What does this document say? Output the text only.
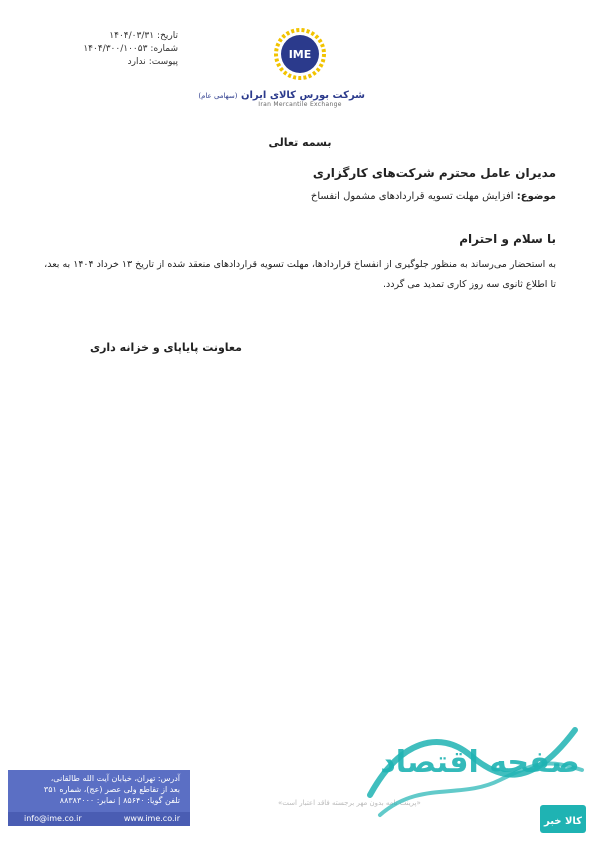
تاریخ:
۱۴۰۴/۰۳/۳۱
شماره:
۱۴۰۴/۳۰۰/۱۰۰۵۳
پیوست:
ندارد
IME
شرکت بورس کالای ایران (سهامی عام)
Iran Mercantile Exchange
بسمه تعالی
مدیران عامل محترم شرکت‌های کارگزاری
موضوع: افزایش مهلت تسویه قراردادهای مشمول انفساخ
با سلام و احترام
به استحضار می‌رساند به منظور جلوگیری از انفساخ قراردادها، مهلت تسویه قراردادهای منعقد شده از تاریخ ۱۳ خرداد ۱۴۰۴ به بعد،
تا اطلاع ثانوی سه روز کاری تمدید می گردد.
معاونت پایاپای و خزانه داری
«پرینت نامه بدون مهر برجسته فاقد اعتبار است»
آدرس: تهران، خیابان آیت الله طالقانی،
بعد از تقاطع ولی عصر (عج)، شماره ۳۵۱
تلفن گویا: ۸۵۶۴۰ | نمابر: ۸۸۳۸۳۰۰۰
info@ime.co.ir	www.ime.co.ir
صفحه اقتصاد
کالا خبر
